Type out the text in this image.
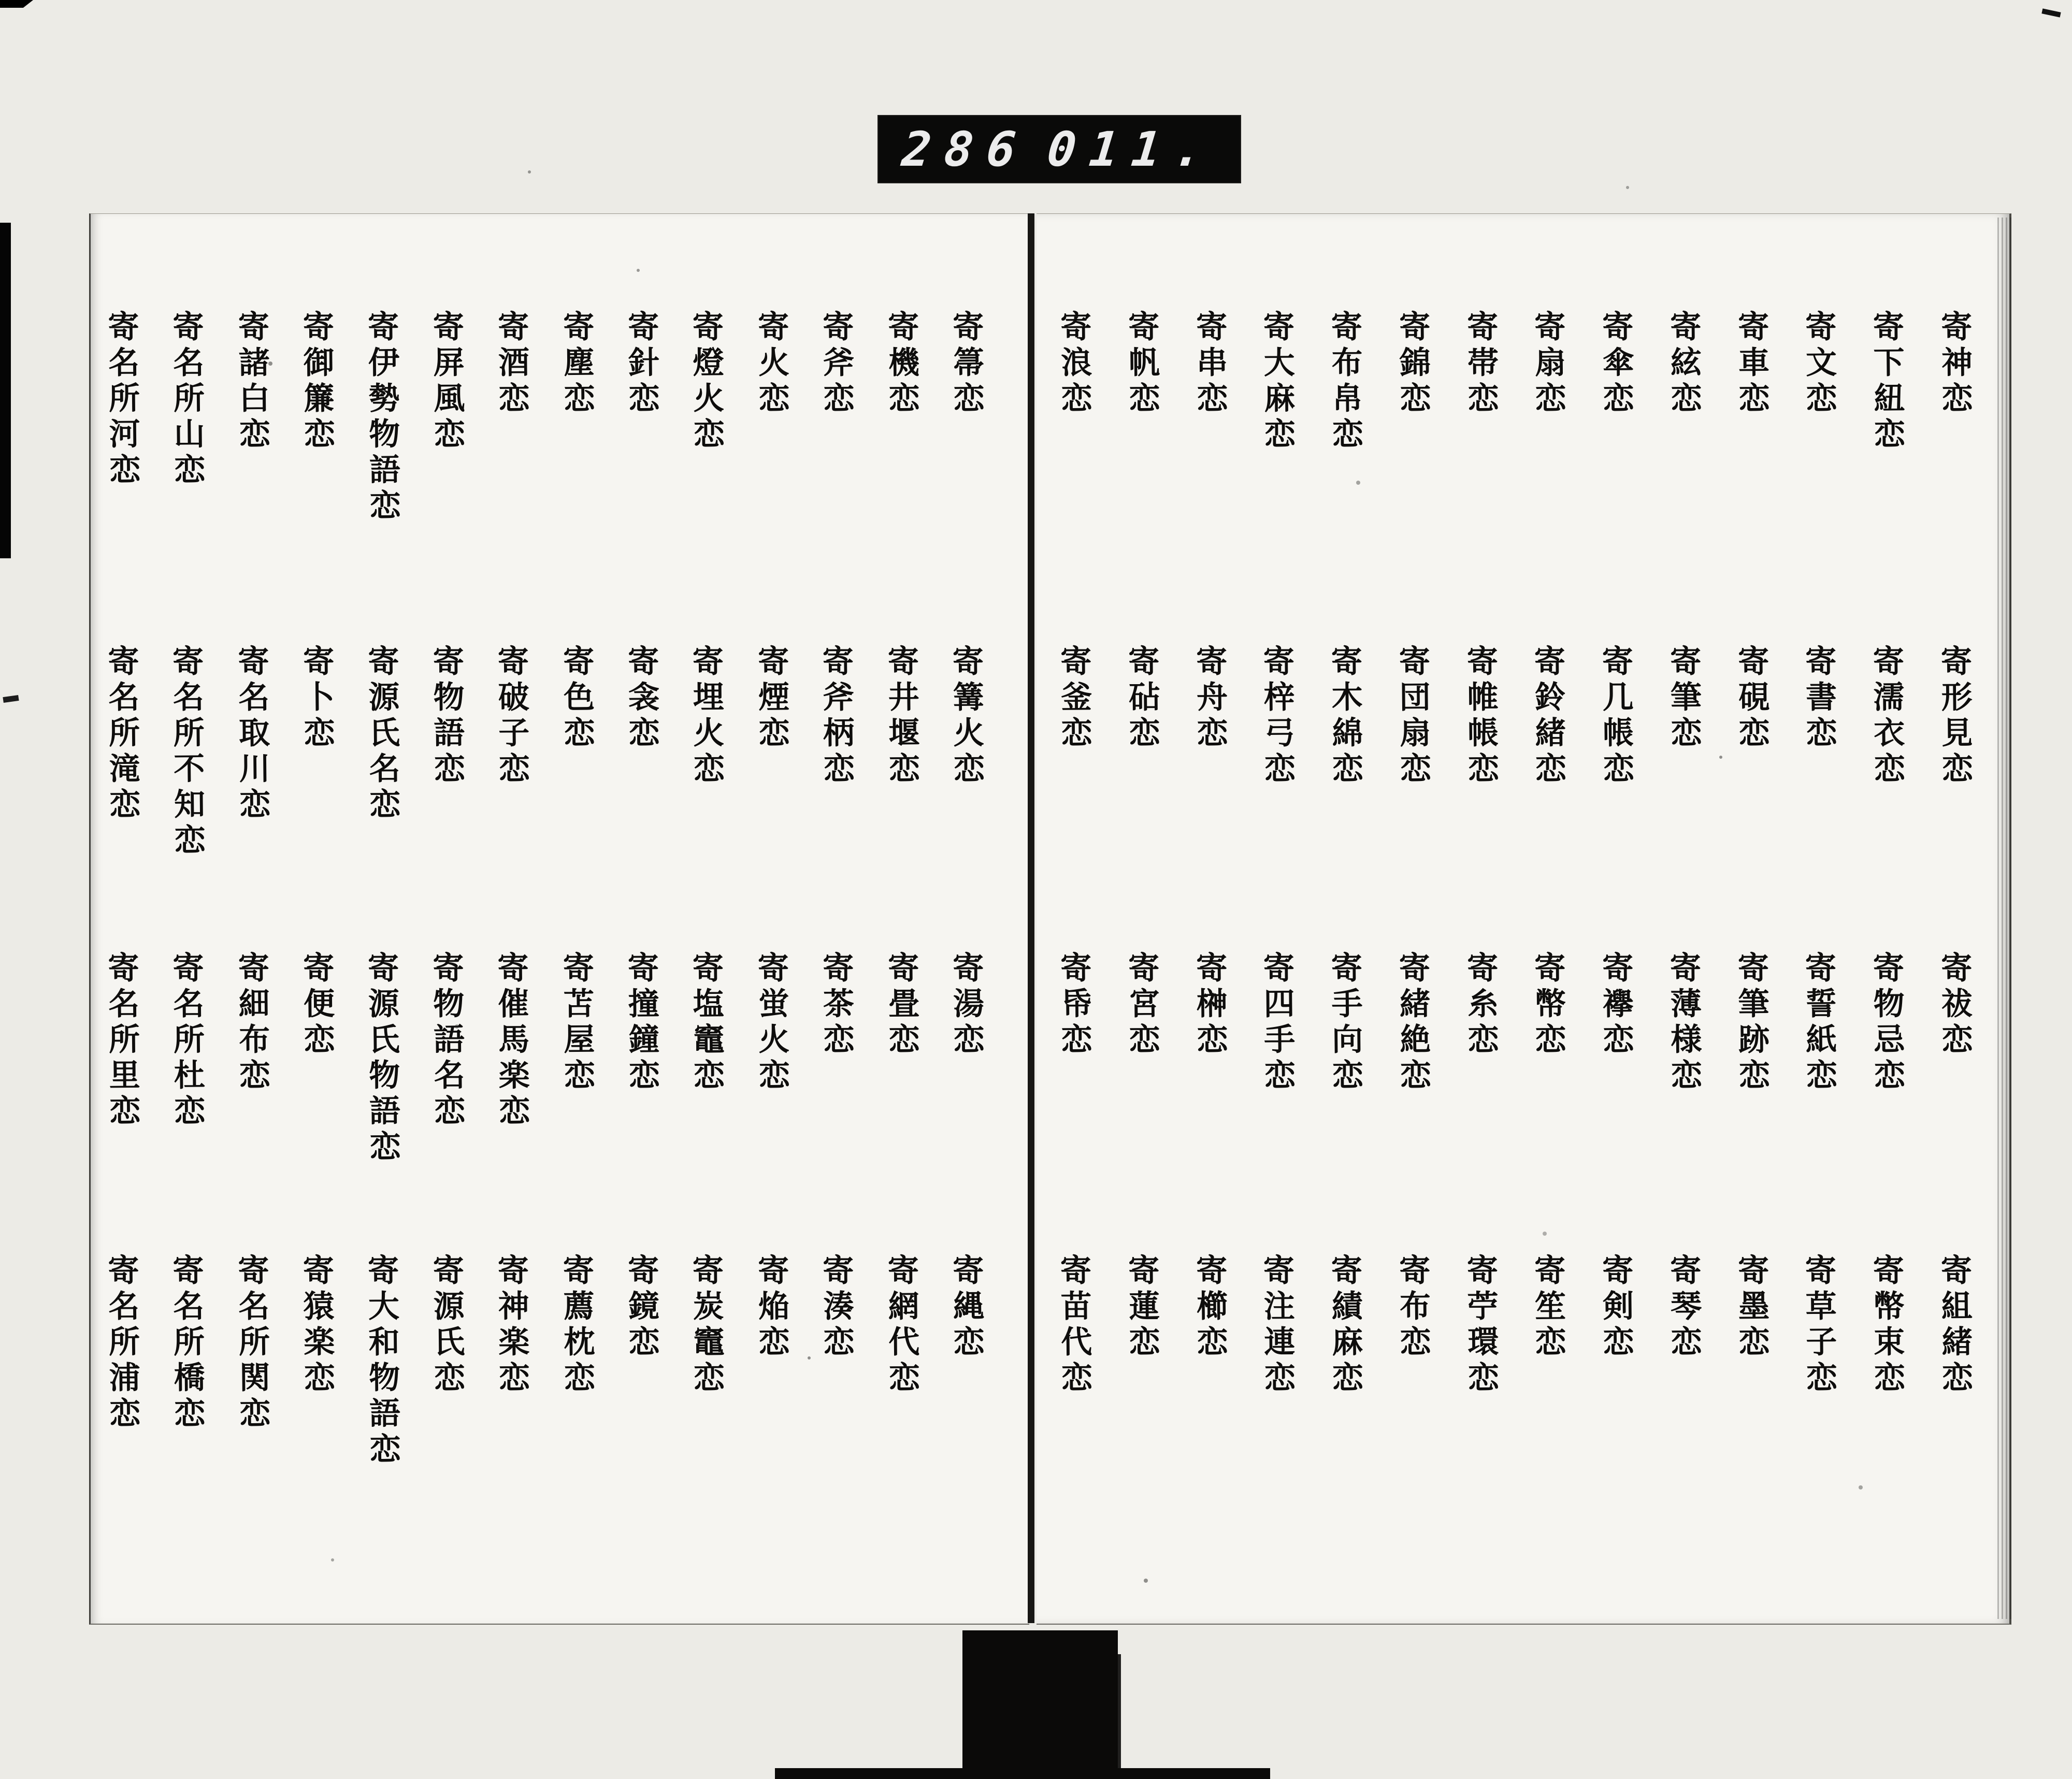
286 011.
寄箒恋
寄機恋
寄斧恋
寄火恋
寄燈火恋
寄針恋
寄塵恋
寄酒恋
寄屏風恋
寄伊勢物語恋
寄御簾恋
寄諸白恋
寄名所山恋
寄名所河恋
寄篝火恋
寄井堰恋
寄斧柄恋
寄煙恋
寄埋火恋
寄衾恋
寄色恋
寄破子恋
寄物語恋
寄源氏名恋
寄卜恋
寄名取川恋
寄名所不知恋
寄名所滝恋
寄湯恋
寄畳恋
寄茶恋
寄蛍火恋
寄塩竈恋
寄撞鐘恋
寄苫屋恋
寄催馬楽恋
寄物語名恋
寄源氏物語恋
寄便恋
寄細布恋
寄名所杜恋
寄名所里恋
寄縄恋
寄網代恋
寄湊恋
寄焔恋
寄炭竈恋
寄鏡恋
寄薦枕恋
寄神楽恋
寄源氏恋
寄大和物語恋
寄猿楽恋
寄名所関恋
寄名所橋恋
寄名所浦恋
寄神恋
寄下紐恋
寄文恋
寄車恋
寄絃恋
寄傘恋
寄扇恋
寄帯恋
寄錦恋
寄布帛恋
寄大麻恋
寄串恋
寄帆恋
寄浪恋
寄形見恋
寄濡衣恋
寄書恋
寄硯恋
寄筆恋
寄几帳恋
寄鈴緒恋
寄帷帳恋
寄団扇恋
寄木綿恋
寄梓弓恋
寄舟恋
寄砧恋
寄釜恋
寄祓恋
寄物忌恋
寄誓紙恋
寄筆跡恋
寄薄様恋
寄襷恋
寄幣恋
寄糸恋
寄緒絶恋
寄手向恋
寄四手恋
寄榊恋
寄宮恋
寄帋恋
寄組緒恋
寄幣束恋
寄草子恋
寄墨恋
寄琴恋
寄剣恋
寄笙恋
寄苧環恋
寄布恋
寄績麻恋
寄注連恋
寄櫛恋
寄蓮恋
寄苗代恋
